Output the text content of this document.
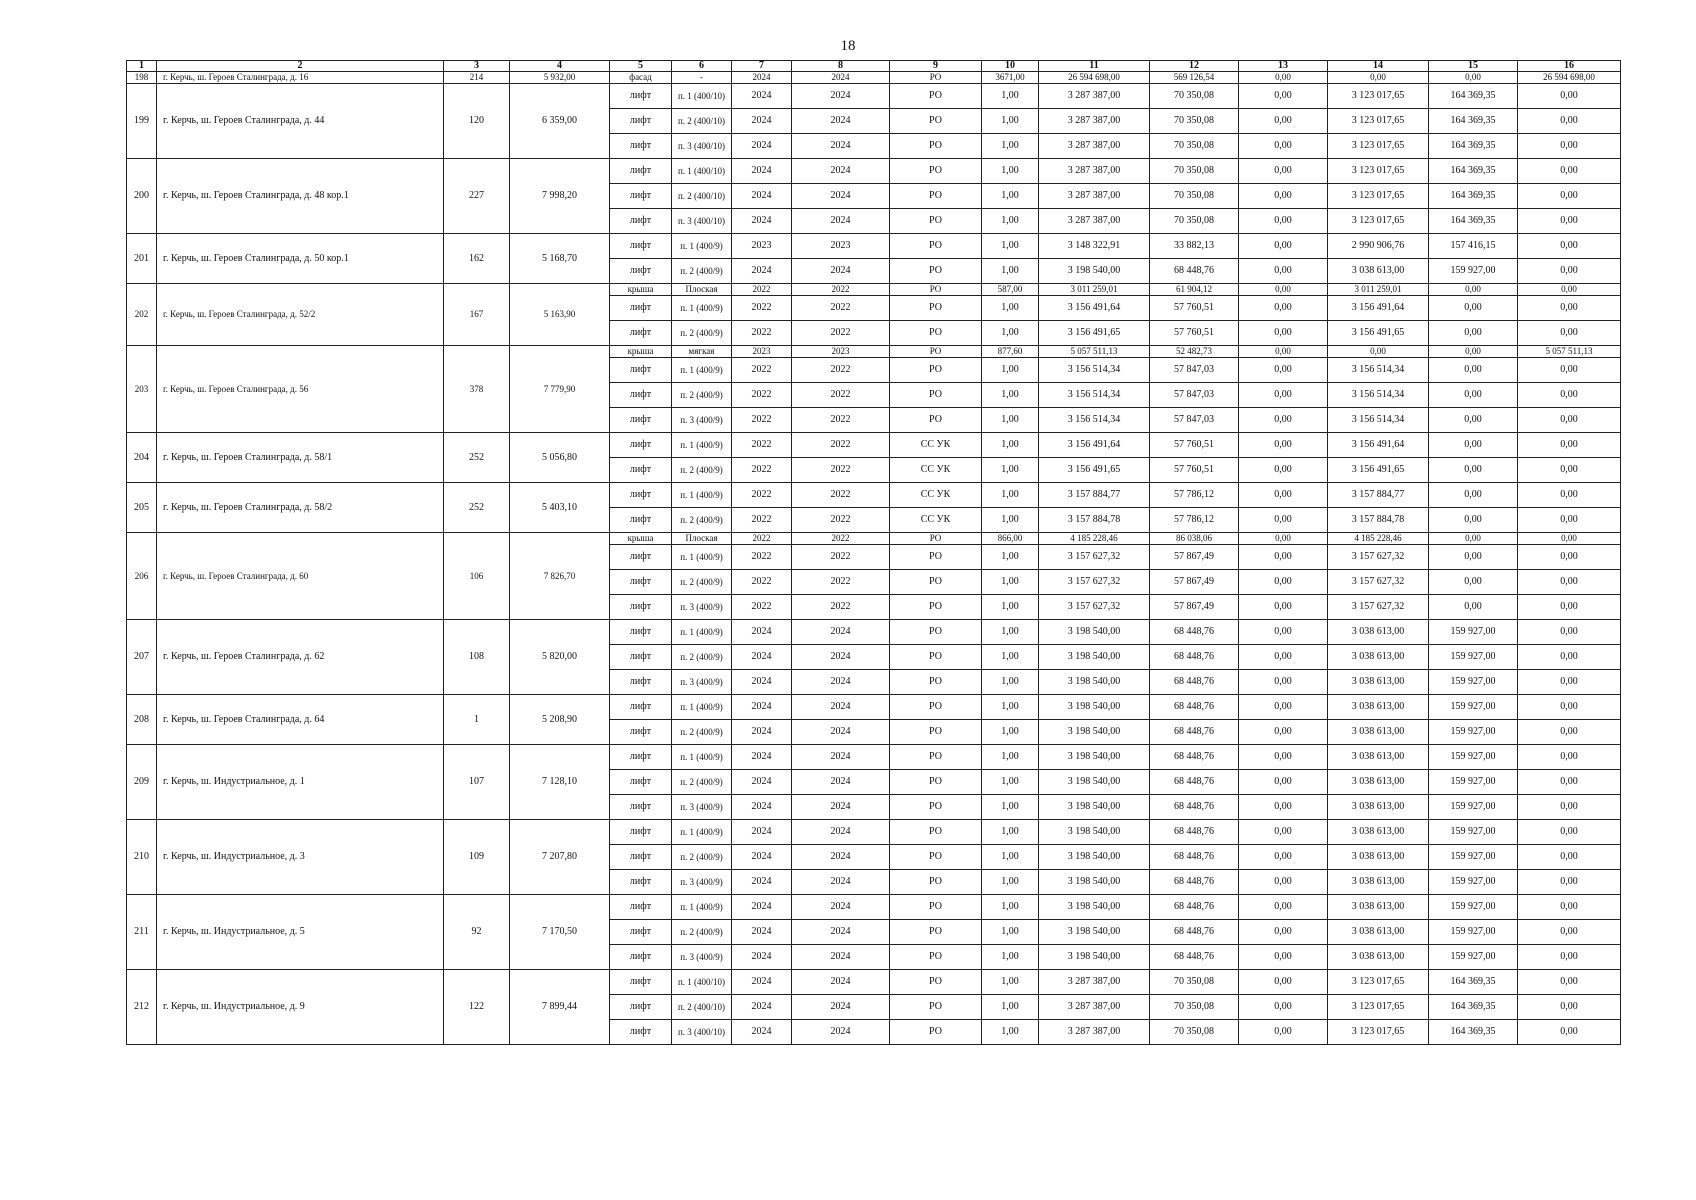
18
1	2	3	4	5	6	7	8	9	10	11	12	13	14	15	16
198	г. Керчь, ш. Героев Сталинграда, д. 16	214	5 932,00	фасад	-	2024	2024	РО	3671,00	26 594 698,00	569 126,54	0,00	0,00	0,00	26 594 698,00
199	г. Керчь, ш. Героев Сталинграда, д. 44	120	6 359,00	лифт	п. 1 (400/10)	2024	2024	РО	1,00	3 287 387,00	70 350,08	0,00	3 123 017,65	164 369,35	0,00
				лифт	п. 2 (400/10)	2024	2024	РО	1,00	3 287 387,00	70 350,08	0,00	3 123 017,65	164 369,35	0,00
				лифт	п. 3 (400/10)	2024	2024	РО	1,00	3 287 387,00	70 350,08	0,00	3 123 017,65	164 369,35	0,00
200	г. Керчь, ш. Героев Сталинграда, д. 48 кор.1	227	7 998,20	лифт	п. 1 (400/10)	2024	2024	РО	1,00	3 287 387,00	70 350,08	0,00	3 123 017,65	164 369,35	0,00
				лифт	п. 2 (400/10)	2024	2024	РО	1,00	3 287 387,00	70 350,08	0,00	3 123 017,65	164 369,35	0,00
				лифт	п. 3 (400/10)	2024	2024	РО	1,00	3 287 387,00	70 350,08	0,00	3 123 017,65	164 369,35	0,00
201	г. Керчь, ш. Героев Сталинграда, д. 50 кор.1	162	5 168,70	лифт	п. 1 (400/9)	2023	2023	РО	1,00	3 148 322,91	33 882,13	0,00	2 990 906,76	157 416,15	0,00
				лифт	п. 2 (400/9)	2024	2024	РО	1,00	3 198 540,00	68 448,76	0,00	3 038 613,00	159 927,00	0,00
202	г. Керчь, ш. Героев Сталинграда, д. 52/2	167	5 163,90	крыша	Плоская	2022	2022	РО	587,00	3 011 259,01	61 904,12	0,00	3 011 259,01	0,00	0,00
				лифт	п. 1 (400/9)	2022	2022	РО	1,00	3 156 491,64	57 760,51	0,00	3 156 491,64	0,00	0,00
				лифт	п. 2 (400/9)	2022	2022	РО	1,00	3 156 491,65	57 760,51	0,00	3 156 491,65	0,00	0,00
203	г. Керчь, ш. Героев Сталинграда, д. 56	378	7 779,90	крыша	мягкая	2023	2023	РО	877,60	5 057 511,13	52 482,73	0,00	0,00	0,00	5 057 511,13
				лифт	п. 1 (400/9)	2022	2022	РО	1,00	3 156 514,34	57 847,03	0,00	3 156 514,34	0,00	0,00
				лифт	п. 2 (400/9)	2022	2022	РО	1,00	3 156 514,34	57 847,03	0,00	3 156 514,34	0,00	0,00
				лифт	п. 3 (400/9)	2022	2022	РО	1,00	3 156 514,34	57 847,03	0,00	3 156 514,34	0,00	0,00
204	г. Керчь, ш. Героев Сталинграда, д. 58/1	252	5 056,80	лифт	п. 1 (400/9)	2022	2022	СС УК	1,00	3 156 491,64	57 760,51	0,00	3 156 491,64	0,00	0,00
				лифт	п. 2 (400/9)	2022	2022	СС УК	1,00	3 156 491,65	57 760,51	0,00	3 156 491,65	0,00	0,00
205	г. Керчь, ш. Героев Сталинграда, д. 58/2	252	5 403,10	лифт	п. 1 (400/9)	2022	2022	СС УК	1,00	3 157 884,77	57 786,12	0,00	3 157 884,77	0,00	0,00
				лифт	п. 2 (400/9)	2022	2022	СС УК	1,00	3 157 884,78	57 786,12	0,00	3 157 884,78	0,00	0,00
206	г. Керчь, ш. Героев Сталинграда, д. 60	106	7 826,70	крыша	Плоская	2022	2022	РО	866,00	4 185 228,46	86 038,06	0,00	4 185 228,46	0,00	0,00
				лифт	п. 1 (400/9)	2022	2022	РО	1,00	3 157 627,32	57 867,49	0,00	3 157 627,32	0,00	0,00
				лифт	п. 2 (400/9)	2022	2022	РО	1,00	3 157 627,32	57 867,49	0,00	3 157 627,32	0,00	0,00
				лифт	п. 3 (400/9)	2022	2022	РО	1,00	3 157 627,32	57 867,49	0,00	3 157 627,32	0,00	0,00
207	г. Керчь, ш. Героев Сталинграда, д. 62	108	5 820,00	лифт	п. 1 (400/9)	2024	2024	РО	1,00	3 198 540,00	68 448,76	0,00	3 038 613,00	159 927,00	0,00
				лифт	п. 2 (400/9)	2024	2024	РО	1,00	3 198 540,00	68 448,76	0,00	3 038 613,00	159 927,00	0,00
				лифт	п. 3 (400/9)	2024	2024	РО	1,00	3 198 540,00	68 448,76	0,00	3 038 613,00	159 927,00	0,00
208	г. Керчь, ш. Героев Сталинграда, д. 64	1	5 208,90	лифт	п. 1 (400/9)	2024	2024	РО	1,00	3 198 540,00	68 448,76	0,00	3 038 613,00	159 927,00	0,00
				лифт	п. 2 (400/9)	2024	2024	РО	1,00	3 198 540,00	68 448,76	0,00	3 038 613,00	159 927,00	0,00
209	г. Керчь, ш. Индустриальное, д. 1	107	7 128,10	лифт	п. 1 (400/9)	2024	2024	РО	1,00	3 198 540,00	68 448,76	0,00	3 038 613,00	159 927,00	0,00
				лифт	п. 2 (400/9)	2024	2024	РО	1,00	3 198 540,00	68 448,76	0,00	3 038 613,00	159 927,00	0,00
				лифт	п. 3 (400/9)	2024	2024	РО	1,00	3 198 540,00	68 448,76	0,00	3 038 613,00	159 927,00	0,00
210	г. Керчь, ш. Индустриальное, д. 3	109	7 207,80	лифт	п. 1 (400/9)	2024	2024	РО	1,00	3 198 540,00	68 448,76	0,00	3 038 613,00	159 927,00	0,00
				лифт	п. 2 (400/9)	2024	2024	РО	1,00	3 198 540,00	68 448,76	0,00	3 038 613,00	159 927,00	0,00
				лифт	п. 3 (400/9)	2024	2024	РО	1,00	3 198 540,00	68 448,76	0,00	3 038 613,00	159 927,00	0,00
211	г. Керчь, ш. Индустриальное, д. 5	92	7 170,50	лифт	п. 1 (400/9)	2024	2024	РО	1,00	3 198 540,00	68 448,76	0,00	3 038 613,00	159 927,00	0,00
				лифт	п. 2 (400/9)	2024	2024	РО	1,00	3 198 540,00	68 448,76	0,00	3 038 613,00	159 927,00	0,00
				лифт	п. 3 (400/9)	2024	2024	РО	1,00	3 198 540,00	68 448,76	0,00	3 038 613,00	159 927,00	0,00
212	г. Керчь, ш. Индустриальное, д. 9	122	7 899,44	лифт	п. 1 (400/10)	2024	2024	РО	1,00	3 287 387,00	70 350,08	0,00	3 123 017,65	164 369,35	0,00
				лифт	п. 2 (400/10)	2024	2024	РО	1,00	3 287 387,00	70 350,08	0,00	3 123 017,65	164 369,35	0,00
				лифт	п. 3 (400/10)	2024	2024	РО	1,00	3 287 387,00	70 350,08	0,00	3 123 017,65	164 369,35	0,00
